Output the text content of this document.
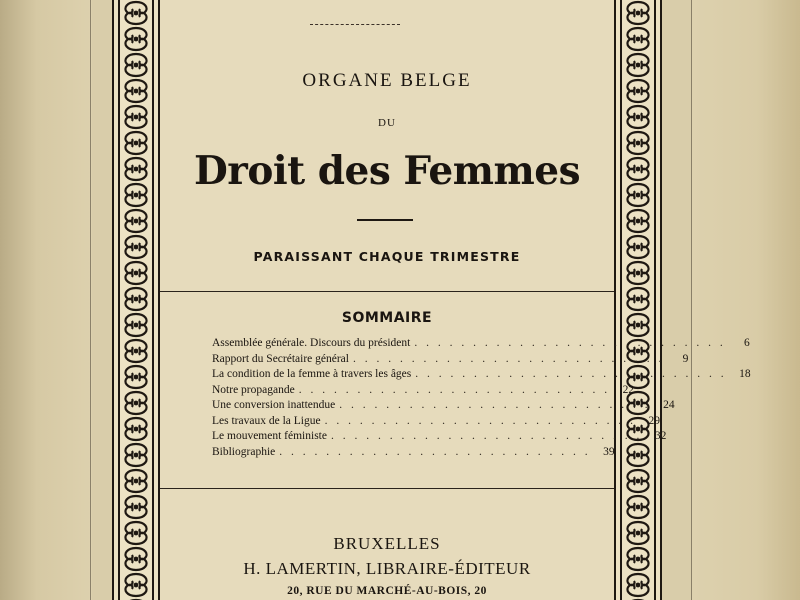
ORGANE BELGE
DU
Droit des Femmes
PARAISSANT CHAQUE TRIMESTRE
SOMMAIRE
Assemblée générale. Discours du président . . . . . . . . . . . . . . . . . . . . . . . . . . .	6
Rapport du Secrétaire général . . . . . . . . . . . . . . . . . . . . . . . . . . .	9
La condition de la femme à travers les âges . . . . . . . . . . . . . . . . . . . . . . . . . . .	18
Notre propagande . . . . . . . . . . . . . . . . . . . . . . . . . . .	22
Une conversion inattendue . . . . . . . . . . . . . . . . . . . . . . . . . . .	24
Les travaux de la Ligue . . . . . . . . . . . . . . . . . . . . . . . . . . .	29
Le mouvement féministe . . . . . . . . . . . . . . . . . . . . . . . . . . .	32
Bibliographie . . . . . . . . . . . . . . . . . . . . . . . . . . .	39
BRUXELLES
H. LAMERTIN, LIBRAIRE-ÉDITEUR
20, RUE DU MARCHÉ-AU-BOIS, 20
